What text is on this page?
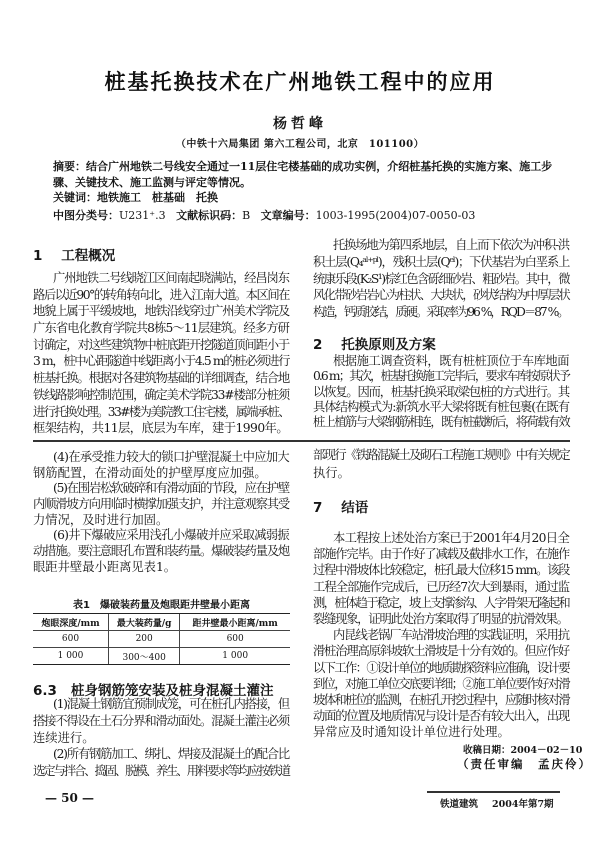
桩基托换技术在广州地铁工程中的应用
杨哲峰
（中铁十六局集团 第六工程公司，北京　101100）
摘要：结合广州地铁二号线安全通过一11层住宅楼基础的成功实例，介绍桩基托换的实施方案、施工步
骤、关键技术、施工监测与评定等情况。
关键词：地铁施工　桩基础　托换
中图分类号：U231⁺.3 文献标识码：B 文章编号：1003-1995(2004)07-0050-03
1    工程概况
广州地铁二号线晓江区间南起晓满站，经昌岗东
路后以近90°的转角转向北，进入江南大道。本区间在
地貌上属于平缓坡地，地铁沿线穿过广州美术学院及
广东省电化教育学院共8栋5～11层建筑。经多方研
讨确定，对这些建筑物中桩底距开挖隧道顶间距小于
3 m，桩中心距隧道中线距离小于4.5 m的桩必须进行
桩基托换。根据对各建筑物基础的详细调查，结合地
铁线路影响控制范围，确定美术学院33#楼部分桩须
进行托换处理。33#楼为美院教工住宅楼，属端承桩、
框架结构，共11层，底层为车库，建于1990年。
(4)在承受推力较大的锁口护壁混凝土中应加大
钢筋配置，在滑动面处的护壁厚度应加强。
(5)在围岩松软破碎和有滑动面的节段，应在护壁
内顺滑坡方向用临时横撑加强支护，并注意观察其受
力情况，及时进行加固。
(6)井下爆破应采用浅孔小爆破并应采取减弱振
动措施。要注意眼孔布置和装药量。爆破装药量及炮
眼距井壁最小距离见表1。
表1　爆破装药量及炮眼距井壁最小距离
炮眼深度/mm	最大装药量/g	距井壁最小距离/mm
600	200	600
1 000	300～400	1 000
6.3   桩身钢筋笼安装及桩身混凝土灌注
(1)混凝土钢筋宜预制成笼，可在桩孔内搭接，但
搭接不得设在土石分界和滑动面处。混凝土灌注必须
连续进行。
(2)所有钢筋加工、绑扎、焊接及混凝土的配合比
选定与拌合、捣固、脱模、养生、用料要求等均应按铁道
— 50 —
托换场地为第四系地层，自上而下依次为冲积-洪
积土层(Q₄ᵃˡ⁺ᵖˡ)，残积土层(Qᵉˡ)；下伏基岩为白垩系上
统康乐段(K₂S¹)棕红色含砾细砂岩、粗砂岩。其中，微
风化带砂岩岩心为柱状、大块状，砂状结构为中厚层状
构造，钙质胶结，质硬。采取率为96 %，RQD＝87 %。
2    托换原则及方案
根据施工调查资料，既有桩桩顶位于车库地面
0.6 m；其次，桩基托换施工完毕后，要求车库按原状予
以恢复。因而，桩基托换采取梁包桩的方式进行。其
具体结构模式为:新筑水平大梁将既有桩包裹(在既有
桩上植筋与大梁钢筋相连，既有桩截断后，将荷载有效
部现行《铁路混凝土及砌石工程施工规则》中有关规定
执行。
7    结语
本工程按上述处治方案已于2001年4月20日全
部施作完毕。由于作好了减载及截排水工作，在施作
过程中滑坡体比较稳定，桩孔最大位移15 mm。该段
工程全部施作完成后，已历经7次大到暴雨，通过监
测，桩体趋于稳定，坡上支撑渗沟、人字骨架无隆起和
裂缝现象，证明此处治方案取得了明显的抗滑效果。
内昆线老锅厂车站滑坡治理的实践证明，采用抗
滑桩治理高原斜坡软土滑坡是十分有效的。但应作好
以下工作：①设计单位的地质勘探资料应准确，设计要
到位，对施工单位交底要详细；②施工单位要作好对滑
坡体和桩位的监测，在桩孔开挖过程中，应随时核对滑
动面的位置及地质情况与设计是否有较大出入，出现
异常应及时通知设计单位进行处理。
收稿日期：2004－02－10
（责任审编　孟庆伶）
铁道建筑 2004年第7期
